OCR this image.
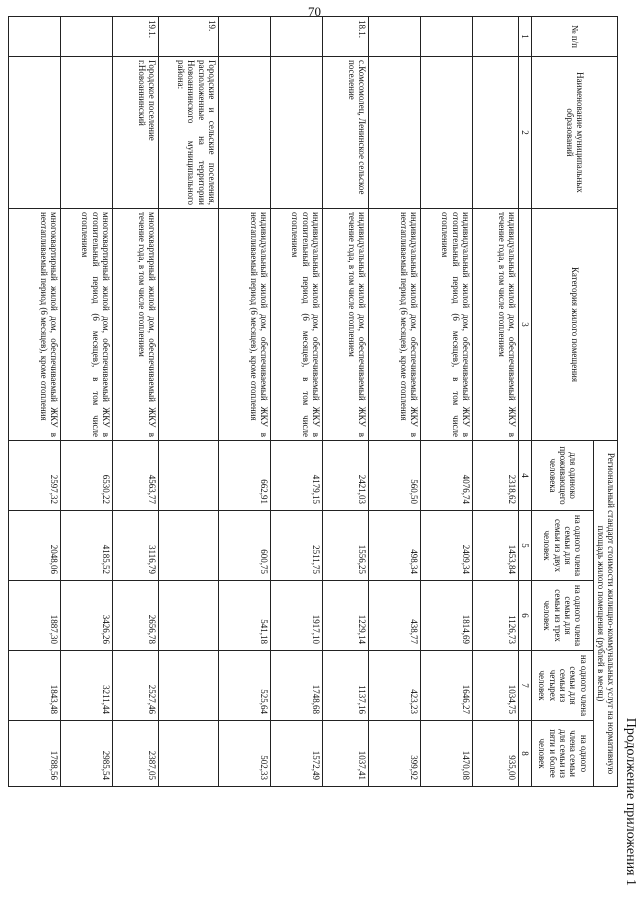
70
Продолжение приложения 1
№ п/п	Наименование муниципальных образований	Категория жилого помещения	Региональный стандарт стоимости жилищно-коммунальных услуг на нормативную площадь жилого помещения (рублей в месяц)				
			для одиноко проживающего человека	на одного члена семьи для семьи из двух человек	на одного члена семьи для семьи из трех человек	на одного члена семьи для семьи из четырех человек	на одного члена семьи для семьи из пяти и более человек
1	2	3	4	5	6	7	8
		индивидуальный жилой дом, обеспечиваемый ЖКУ в течение года, в том числе отоплением	2318,62	1453,84	1126,73	1034,75	935,00
		индивидуальный жилой дом, обеспечиваемый ЖКУ в отопительный период (6 месяцев), в том числе отоплением	4076,74	2409,34	1814,69	1646,27	1470,08
		индивидуальный жилой дом, обеспечиваемый ЖКУ в неотапливаемый период (6 месяцев), кроме отопления	560,50	498,34	438,77	423,23	399,92
18.1.	с.Комсомолец, Ленинское сельское поселение	индивидуальный жилой дом, обеспечиваемый ЖКУ в течение года, в том числе отоплением	2421,03	1556,25	1229,14	1137,16	1037,41
		индивидуальный жилой дом, обеспечиваемый ЖКУ в отопительный период (6 месяцев), в том числе отоплением	4179,15	2511,75	1917,10	1748,68	1572,49
		индивидуальный жилой дом, обеспечиваемый ЖКУ в неотапливаемый период (6 месяцев), кроме отопления	662,91	600,75	541,18	525,64	502,33
19.	Городские и сельские поселения, расположенные на территории Новоаннинского муниципального района:						
19.1.	Городское поселение г.Новоаннинский	многоквартирный жилой дом, обеспечиваемый ЖКУ в течение года, в том числе отоплением	4563,77	3116,79	2656,78	2527,46	2387,05
		многоквартирный жилой дом, обеспечиваемый ЖКУ в отопительный период (6 месяцев), в том числе отоплением	6530,22	4185,52	3426,26	3211,44	2985,54
		многоквартирный жилой дом, обеспечиваемый ЖКУ в неотапливаемый период (6 месяцев), кроме отопления	2597,32	2048,06	1887,30	1843,48	1788,56
